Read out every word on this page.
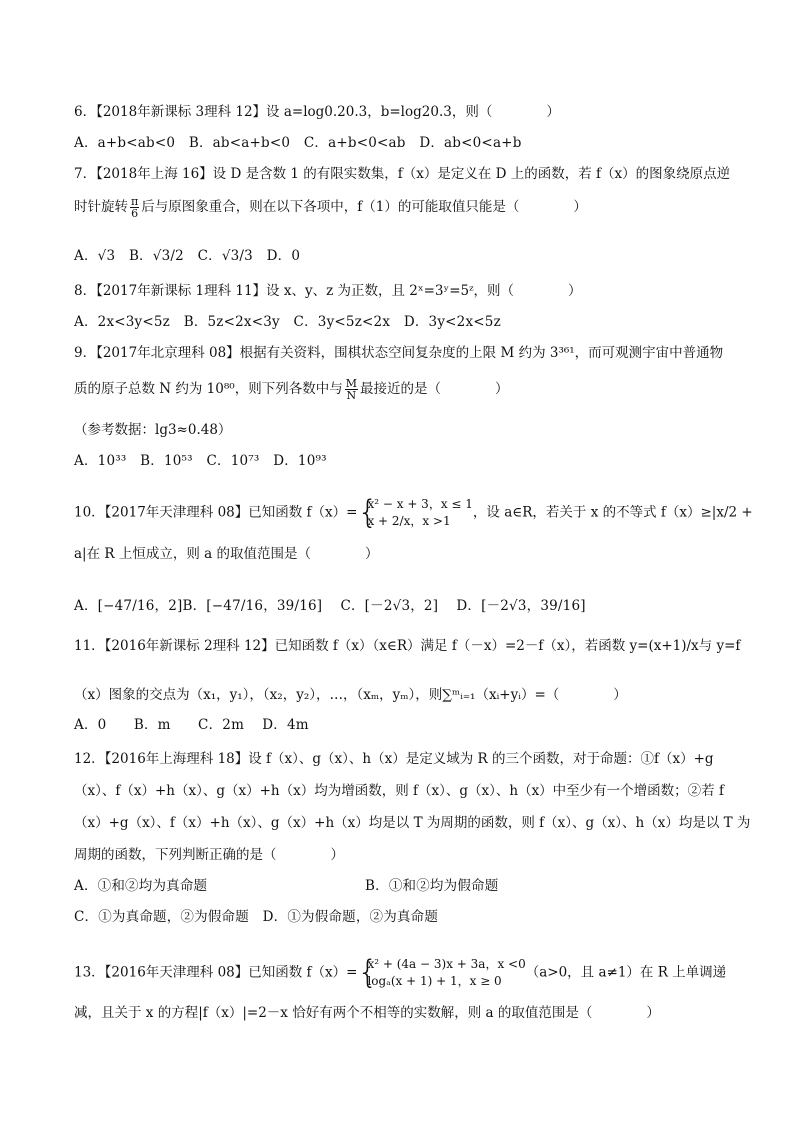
6．【2018年新课标 3理科 12】设 a=log0.20.3，b=log20.3，则（　　　　）
A．a+b<ab<0　B．ab<a+b<0　C．a+b<0<ab　D．ab<0<a+b
7．【2018年上海 16】设 D 是含数 1 的有限实数集，f（x）是定义在 D 上的函数，若 f（x）的图象绕原点逆
时针旋转 $\frac{\pi}{6}$ 后与原图象重合，则在以下各项中，f（1）的可能取值只能是（　　　　）
A．√3　B．√3/2　C．√3/3　D．0
8．【2017年新课标 1理科 11】设 x、y、z 为正数，且 2ˣ=3ʸ=5ᶻ，则（　　　　）
A．2x<3y<5z　B．5z<2x<3y　C．3y<5z<2x　D．3y<2x<5z
9．【2017年北京理科 08】根据有关资料，围棋状态空间复杂度的上限 M 约为 3³⁶¹，而可观测宇宙中普通物
质的原子总数 N 约为 10⁸⁰，则下列各数中与 $\frac{M}{N}$ 最接近的是（　　　　）
（参考数据：lg3≈0.48）
A．10³³　B．10⁵³　C．10⁷³　D．10⁹³
10．【2017年天津理科 08】已知函数 f（x）= {
x² − x + 3，x ≤ 1
x + 2/x，x >1
，设 a∈R，若关于 x 的不等式 f（x）≥|x/2 +
a|在 R 上恒成立，则 a 的取值范围是（　　　　）
A．[−47/16，2]B．[−47/16，39/16]　 C．[－2√3，2]　 D．[－2√3，39/16]
11．【2016年新课标 2理科 12】已知函数 f（x）（x∈R）满足 f（－x）=2－f（x），若函数 y=(x+1)/x与 y=f
（x）图象的交点为（x₁，y₁），（x₂，y₂），…，（xₘ，yₘ），则∑ᵐᵢ₌₁（xᵢ+yᵢ）=（　　　　）
A．0　　B．m　　C．2m　 D．4m
12．【2016年上海理科 18】设 f（x）、g（x）、h（x）是定义域为 R 的三个函数，对于命题：①f（x）+g
（x）、f（x）+h（x）、g（x）+h（x）均为增函数，则 f（x）、g（x）、h（x）中至少有一个增函数；②若 f
（x）+g（x）、f（x）+h（x）、g（x）+h（x）均是以 T 为周期的函数，则 f（x）、g（x）、h（x）均是以 T 为
周期的函数，下列判断正确的是（　　　　）
A．①和②均为真命题	B．①和②均为假命题
C．①为真命题，②为假命题　D．①为假命题，②为真命题
13．【2016年天津理科 08】已知函数 f（x）= {
x² + (4a − 3)x + 3a，x <0
logₐ(x + 1) + 1，x ≥ 0
（a>0，且 a≠1）在 R 上单调递
减，且关于 x 的方程|f（x）|=2－x 恰好有两个不相等的实数解，则 a 的取值范围是（　　　　）
